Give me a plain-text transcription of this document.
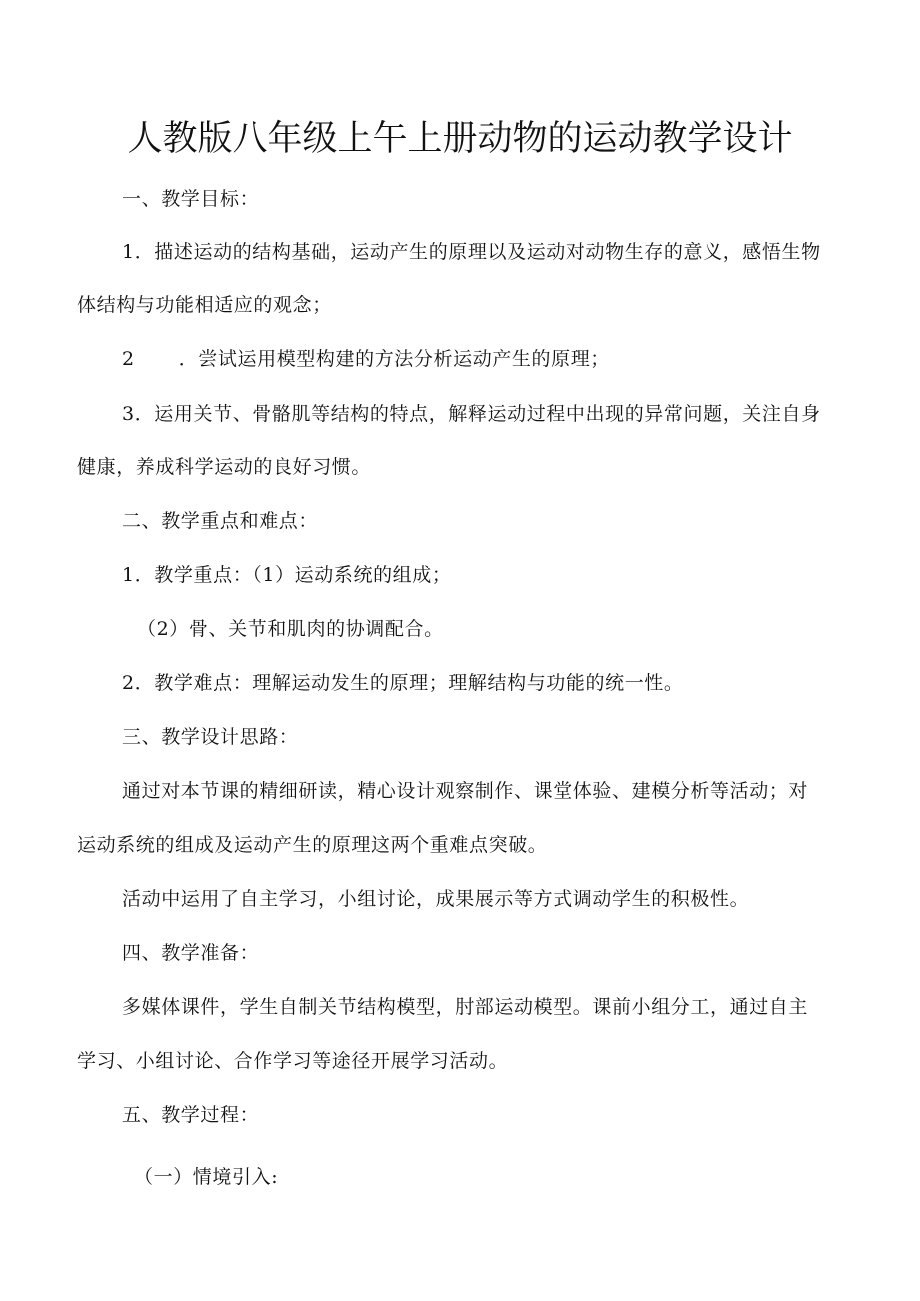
人教版八年级上午上册动物的运动教学设计
一、教学目标：
1．描述运动的结构基础，运动产生的原理以及运动对动物生存的意义，感悟生物
体结构与功能相适应的观念；
2 ．尝试运用模型构建的方法分析运动产生的原理；
3．运用关节、骨骼肌等结构的特点，解释运动过程中出现的异常问题，关注自身
健康，养成科学运动的良好习惯。
二、教学重点和难点：
1．教学重点：（1）运动系统的组成；
（2）骨、关节和肌肉的协调配合。
2．教学难点：理解运动发生的原理；理解结构与功能的统一性。
三、教学设计思路：
通过对本节课的精细研读，精心设计观察制作、课堂体验、建模分析等活动；对
运动系统的组成及运动产生的原理这两个重难点突破。
活动中运用了自主学习，小组讨论，成果展示等方式调动学生的积极性。
四、教学准备：
多媒体课件，学生自制关节结构模型，肘部运动模型。课前小组分工，通过自主
学习、小组讨论、合作学习等途径开展学习活动。
五、教学过程：
（一）情境引入:
